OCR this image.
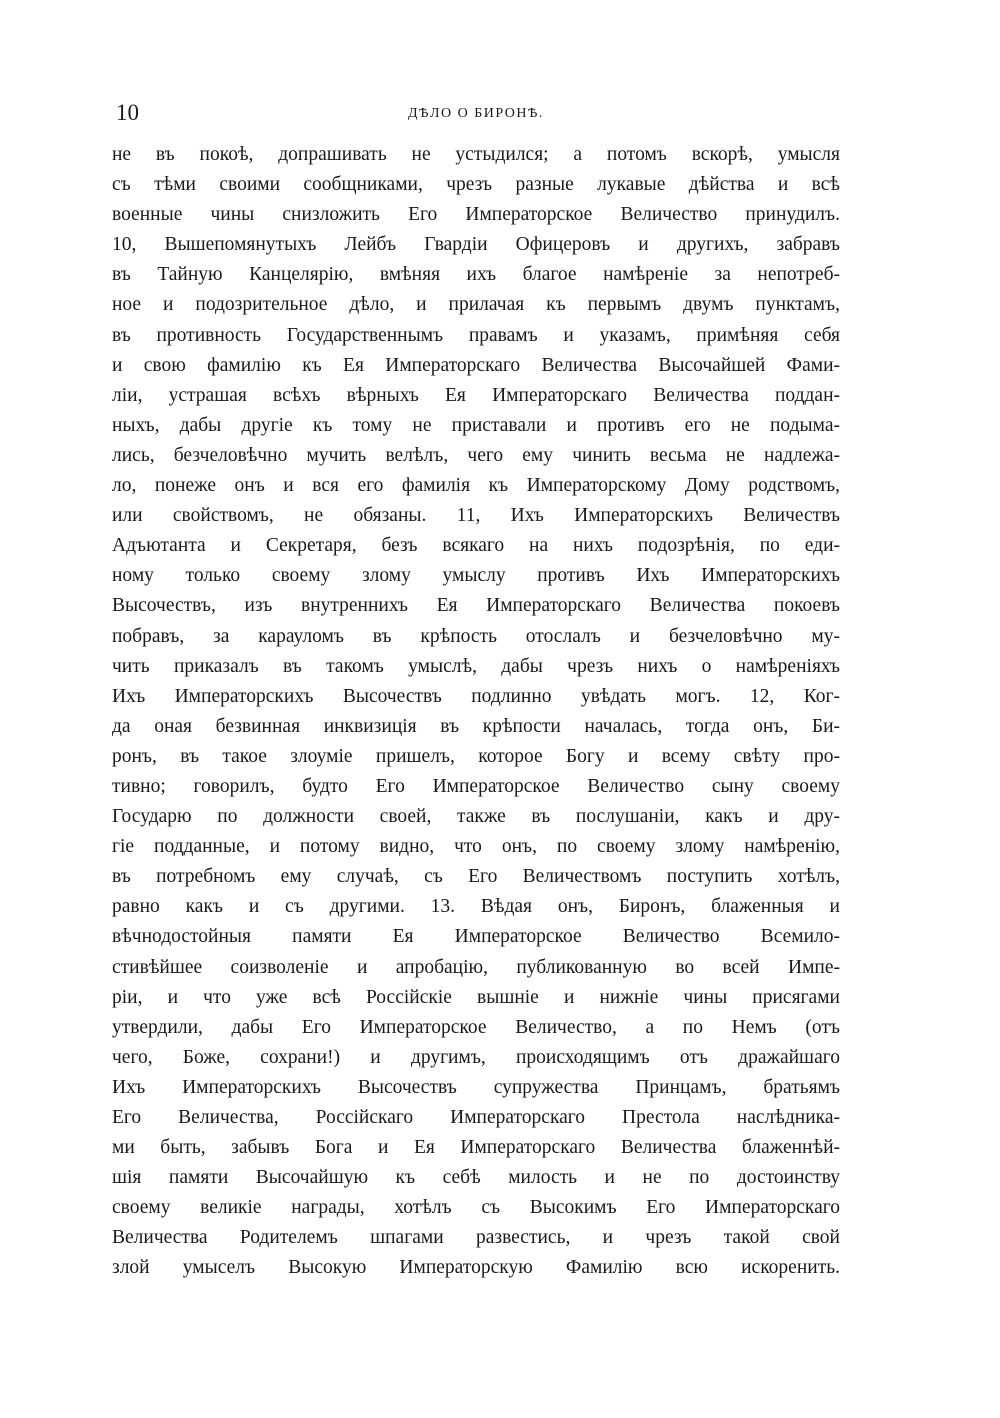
10	ДѢЛО О БИРОНѢ.
не въ покоѣ, допрашивать не устыдился; а потомъ вскорѣ, умысля
съ тѣми своими сообщниками, чрезъ разные лукавые дѣйства и всѣ
военные чины снизложить Его Императорское Величество принудилъ.
10, Вышепомянутыхъ Лейбъ Гвардіи Офицеровъ и другихъ, забравъ
въ Тайную Канцелярію, вмѣняя ихъ благое намѣреніе за непотреб-
ное и подозрительное дѣло, и прилачая къ первымъ двумъ пунктамъ,
въ противность Государственнымъ правамъ и указамъ, примѣняя себя
и свою фамилію къ Ея Императорскаго Величества Высочайшей Фами-
ліи, устрашая всѣхъ вѣрныхъ Ея Императорскаго Величества поддан-
ныхъ, дабы другіе къ тому не приставали и противъ его не подыма-
лись, безчеловѣчно мучить велѣлъ, чего ему чинить весьма не надлежа-
ло, понеже онъ и вся его фамилія къ Императорскому Дому родствомъ,
или свойствомъ, не обязаны. 11, Ихъ Императорскихъ Величествъ
Адъютанта и Секретаря, безъ всякаго на нихъ подозрѣнія, по еди-
ному только своему злому умыслу противъ Ихъ Императорскихъ
Высочествъ, изъ внутреннихъ Ея Императорскаго Величества покоевъ
побравъ, за карауломъ въ крѣпость отослалъ и безчеловѣчно му-
чить приказалъ въ такомъ умыслѣ, дабы чрезъ нихъ о намѣреніяхъ
Ихъ Императорскихъ Высочествъ подлинно увѣдать могъ. 12, Ког-
да оная безвинная инквизиція въ крѣпости началась, тогда онъ, Би-
ронъ, въ такое злоуміе пришелъ, которое Богу и всему свѣту про-
тивно; говорилъ, будто Его Императорское Величество сыну своему
Государю по должности своей, также въ послушаніи, какъ и дру-
гіе подданные, и потому видно, что онъ, по своему злому намѣренію,
въ потребномъ ему случаѣ, съ Его Величествомъ поступить хотѣлъ,
равно какъ и съ другими. 13. Вѣдая онъ, Биронъ, блаженныя и
вѣчнодостойныя памяти Ея Императорское Величество Всемило-
стивѣйшее соизволеніе и апробацію, публикованную во всей Импе-
ріи, и что уже всѣ Россійскіе вышніе и нижніе чины присягами
утвердили, дабы Его Императорское Величество, а по Немъ (отъ
чего, Боже, сохрани!) и другимъ, происходящимъ отъ дражайшаго
Ихъ Императорскихъ Высочествъ супружества Принцамъ, братьямъ
Его Величества, Россійскаго Императорскаго Престола наслѣдника-
ми быть, забывъ Бога и Ея Императорскаго Величества блаженнѣй-
шія памяти Высочайшую къ себѣ милость и не по достоинству
своему великіе награды, хотѣлъ съ Высокимъ Его Императорскаго
Величества Родителемъ шпагами развестись, и чрезъ такой свой
злой умыселъ Высокую Императорскую Фамилію всю искоренить.
